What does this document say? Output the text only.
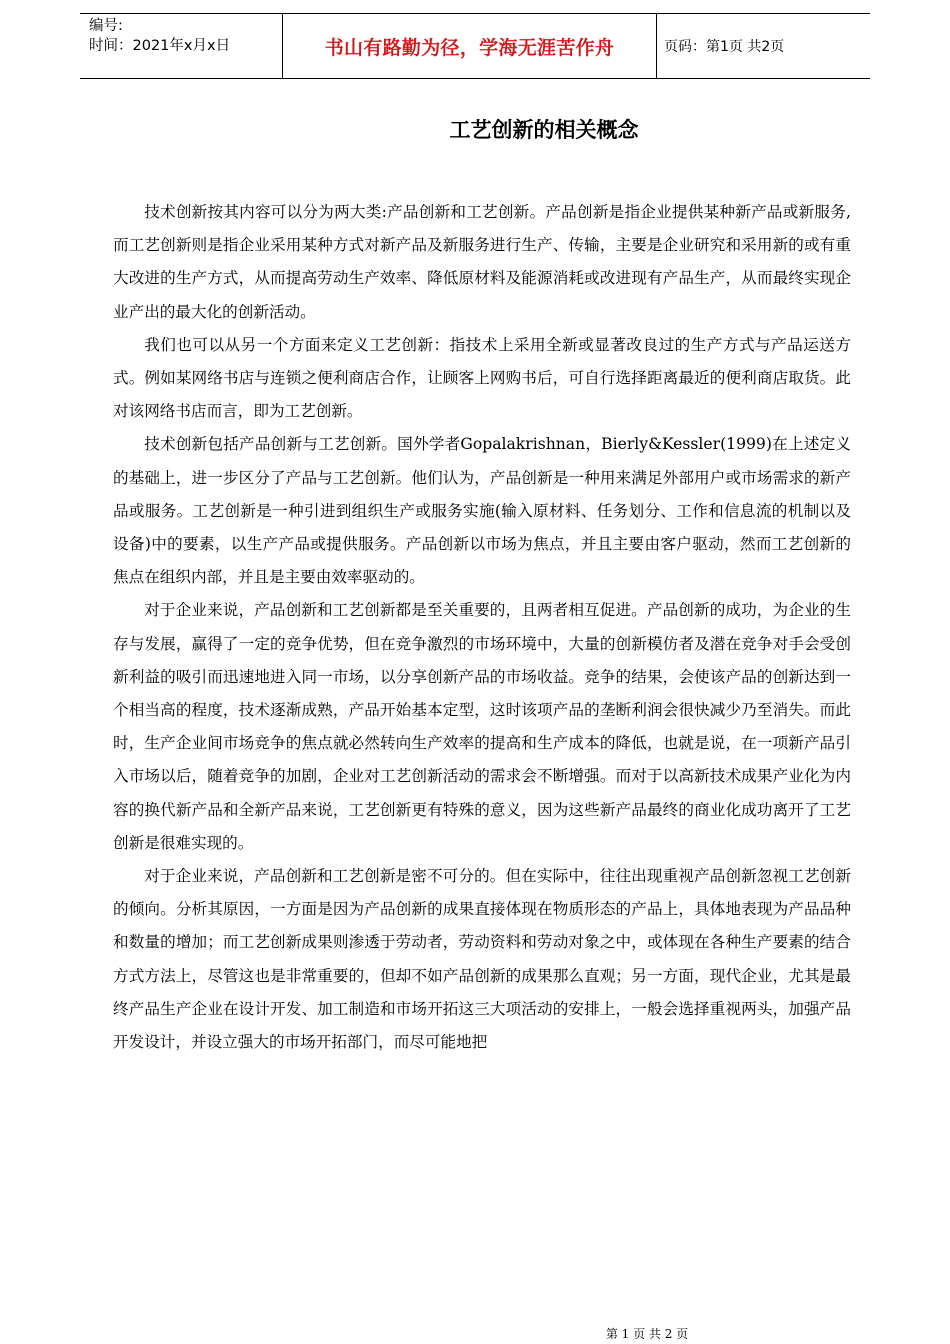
编号:
时间：2021年x月x日	书山有路勤为径，学海无涯苦作舟	页码：第1页 共2页
工艺创新的相关概念

技术创新按其内容可以分为两大类:产品创新和工艺创新。产品创新是指企业提供某种新产品或新服务,而工艺创新则是指企业采用某种方式对新产品及新服务进行生产、传输，主要是企业研究和采用新的或有重大改进的生产方式，从而提高劳动生产效率、降低原材料及能源消耗或改进现有产品生产，从而最终实现企业产出的最大化的创新活动。

我们也可以从另一个方面来定义工艺创新：指技术上采用全新或显著改良过的生产方式与产品运送方式。例如某网络书店与连锁之便利商店合作，让顾客上网购书后，可自行选择距离最近的便利商店取货。此对该网络书店而言，即为工艺创新。

技术创新包括产品创新与工艺创新。国外学者Gopalakrishnan，Bierly&Kessler(1999)在上述定义的基础上，进一步区分了产品与工艺创新。他们认为，产品创新是一种用来满足外部用户或市场需求的新产品或服务。工艺创新是一种引进到组织生产或服务实施(输入原材料、任务划分、工作和信息流的机制以及设备)中的要素，以生产产品或提供服务。产品创新以市场为焦点，并且主要由客户驱动，然而工艺创新的焦点在组织内部，并且是主要由效率驱动的。

对于企业来说，产品创新和工艺创新都是至关重要的，且两者相互促进。产品创新的成功，为企业的生存与发展，赢得了一定的竞争优势，但在竞争激烈的市场环境中，大量的创新模仿者及潜在竞争对手会受创新利益的吸引而迅速地进入同一市场，以分享创新产品的市场收益。竞争的结果，会使该产品的创新达到一个相当高的程度，技术逐渐成熟，产品开始基本定型，这时该项产品的垄断利润会很快减少乃至消失。而此时，生产企业间市场竞争的焦点就必然转向生产效率的提高和生产成本的降低，也就是说，在一项新产品引入市场以后，随着竞争的加剧，企业对工艺创新活动的需求会不断增强。而对于以高新技术成果产业化为内容的换代新产品和全新产品来说，工艺创新更有特殊的意义，因为这些新产品最终的商业化成功离开了工艺创新是很难实现的。

对于企业来说，产品创新和工艺创新是密不可分的。但在实际中，往往出现重视产品创新忽视工艺创新的倾向。分析其原因，一方面是因为产品创新的成果直接体现在物质形态的产品上，具体地表现为产品品种和数量的增加；而工艺创新成果则渗透于劳动者，劳动资料和劳动对象之中，或体现在各种生产要素的结合方式方法上，尽管这也是非常重要的，但却不如产品创新的成果那么直观；另一方面，现代企业，尤其是最终产品生产企业在设计开发、加工制造和市场开拓这三大项活动的安排上，一般会选择重视两头，加强产品开发设计，并设立强大的市场开拓部门，而尽可能地把

第 1 页 共 2 页
